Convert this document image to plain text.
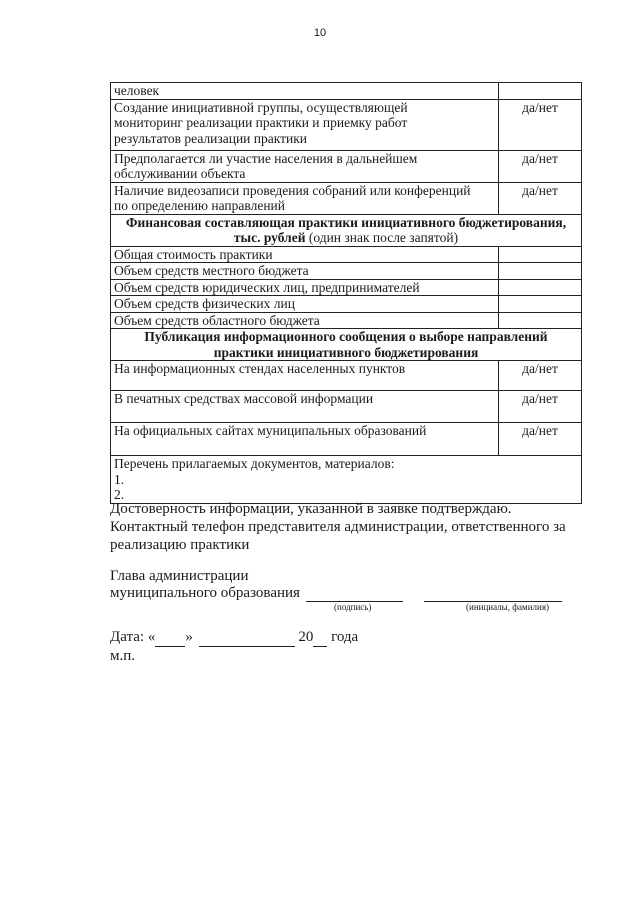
10
человек	

Создание инициативной группы, осуществляющей
мониторинг реализации практики и приемку работ
результатов реализации практики	да/нет

Предполагается ли участие населения в дальнейшем
обслуживании объекта	да/нет

Наличие видеозаписи проведения собраний или конференций
по определению направлений	да/нет

Финансовая составляющая практики инициативного бюджетирования,
тыс. рублей (один знак после запятой)	

Общая стоимость практики	
Объем средств местного бюджета	
Объем средств юридических лиц, предпринимателей	
Объем средств физических лиц	
Объем средств областного бюджета	

Публикация информационного сообщения о выборе направлений
практики инициативного бюджетирования	

На информационных стендах населенных пунктов	да/нет
В печатных средствах массовой информации	да/нет
На официальных сайтах муниципальных образований	да/нет

Перечень прилагаемых документов, материалов:
1.
2.	

Достоверность информации, указанной в заявке подтверждаю.

Контактный телефон представителя администрации, ответственного за

реализацию практики

Глава администрации
муниципального образования
(подпись)	(инициалы, фамилия)
Дата: « »	20 года
м.п.
